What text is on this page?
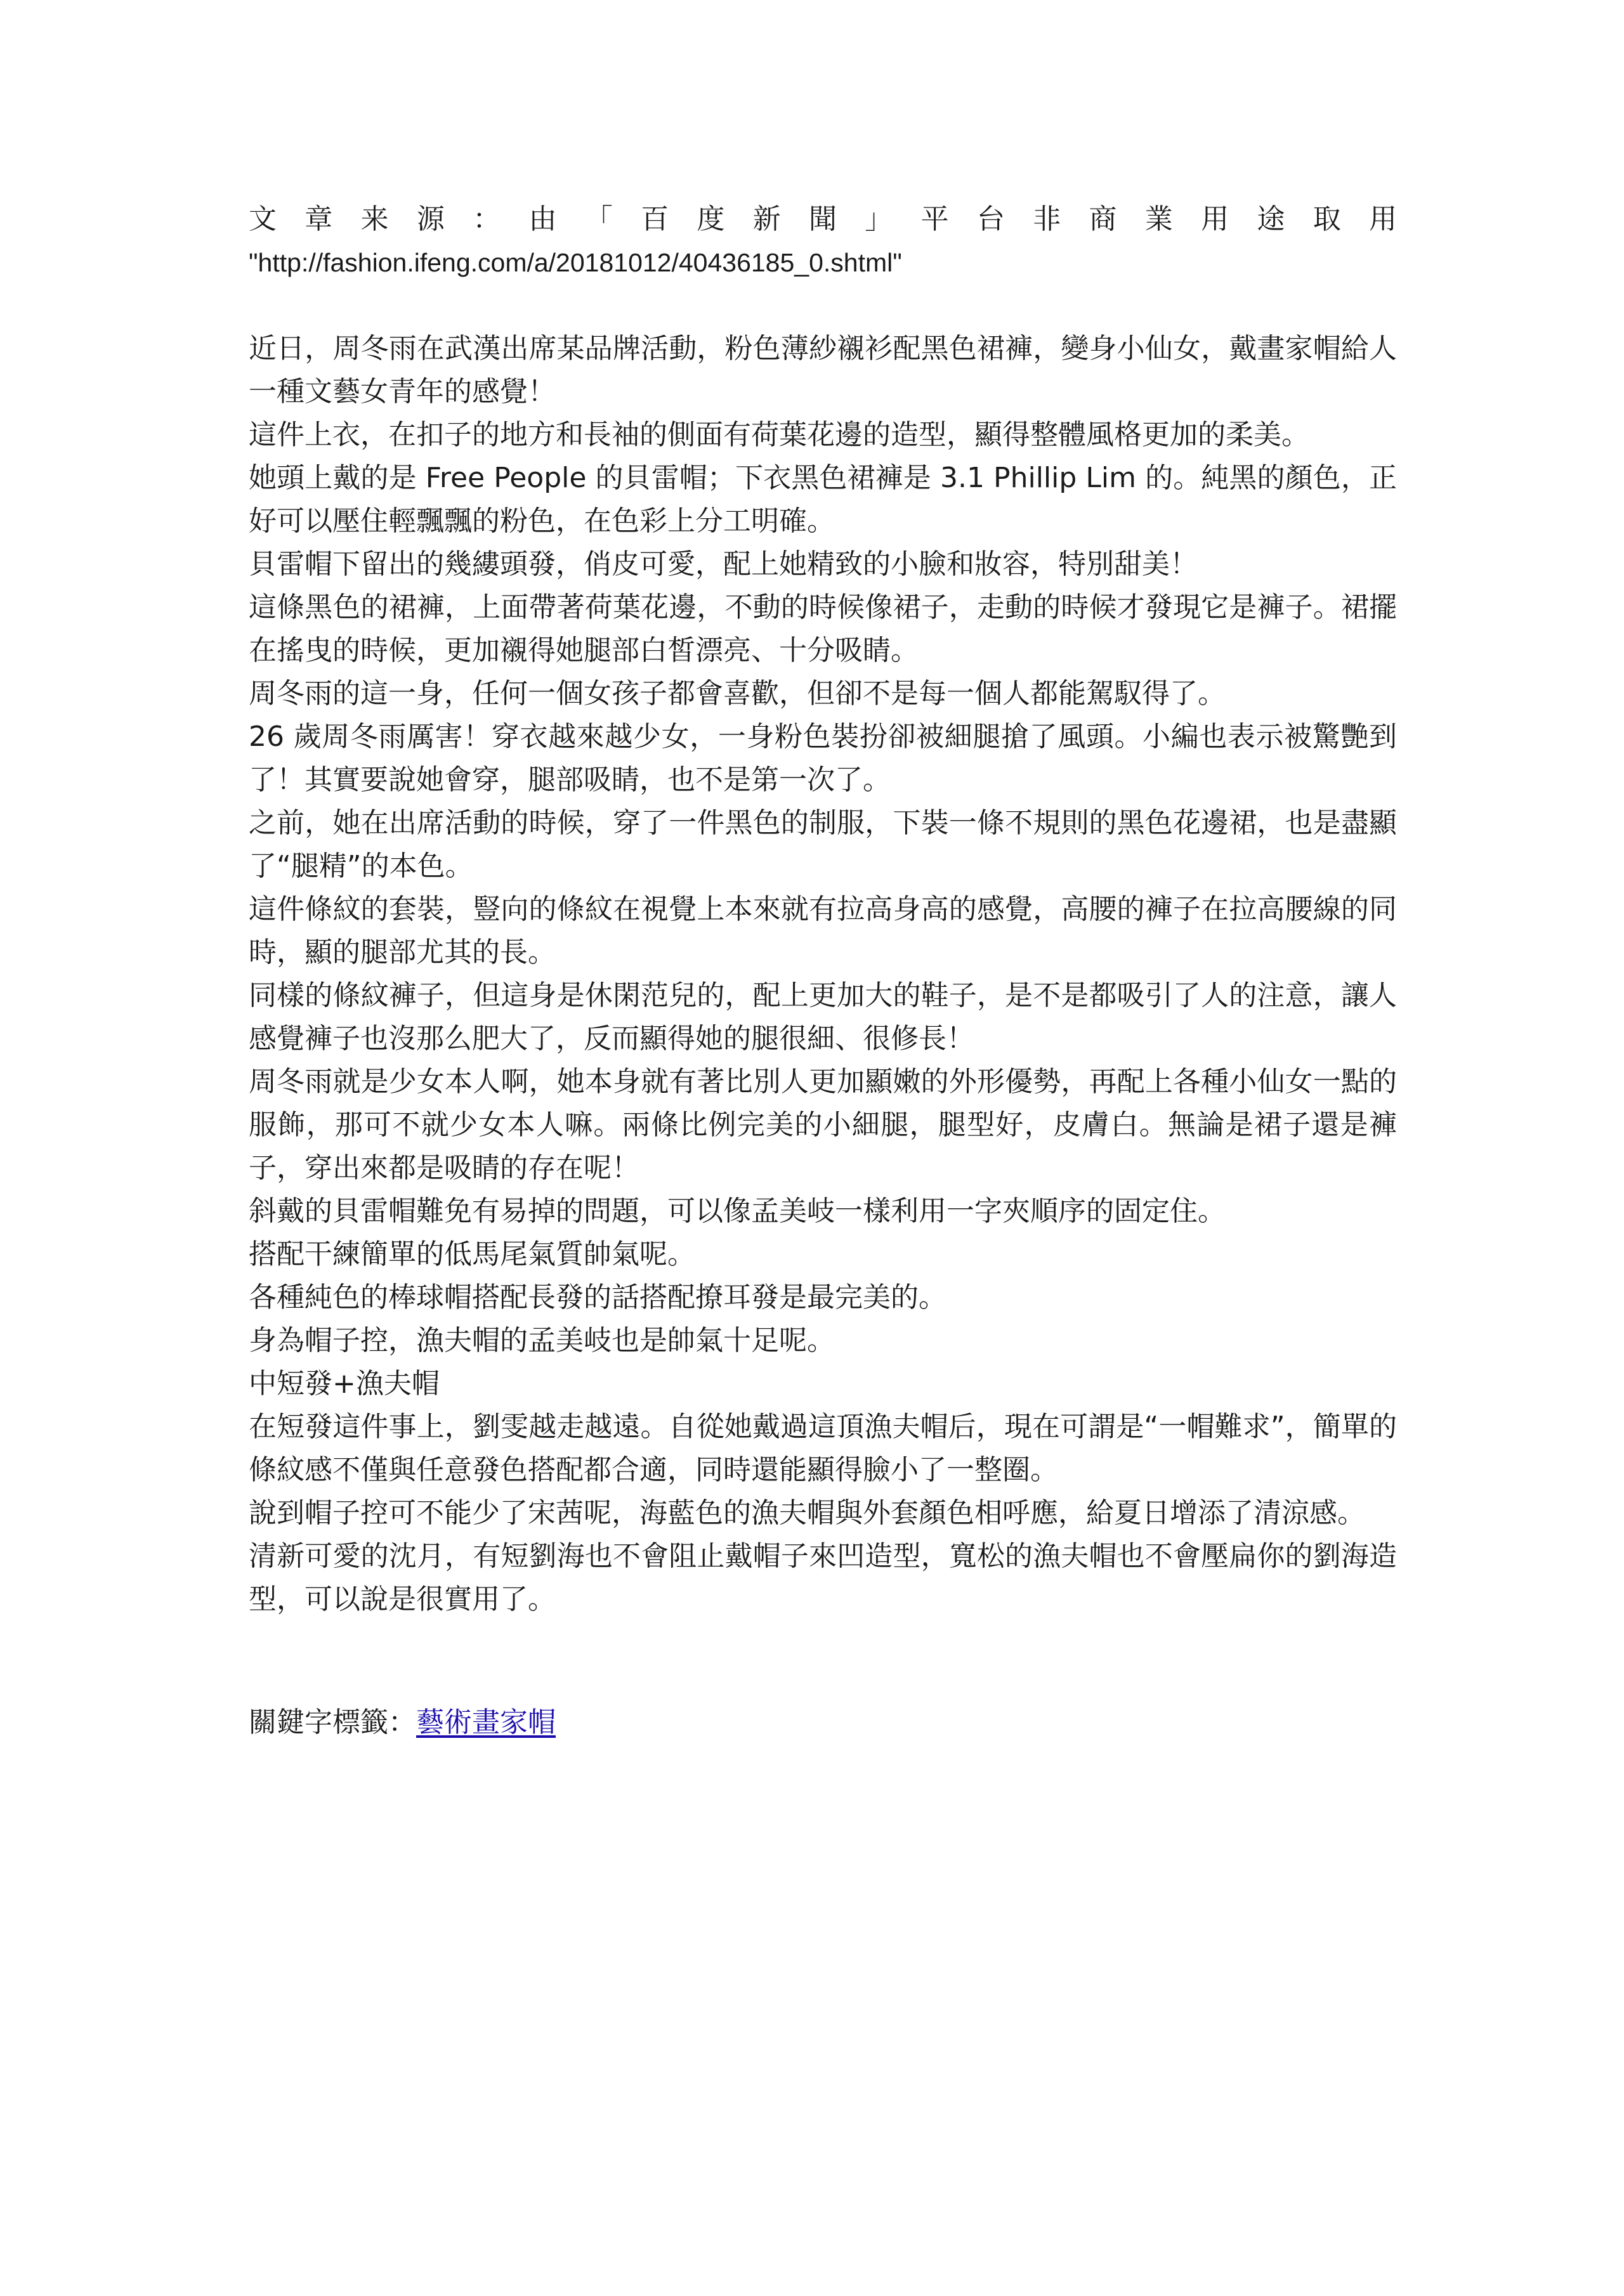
文 章 来 源 ： 由 「 百 度 新 聞 」 平 台 非 商 業 用 途 取 用

"http://fashion.ifeng.com/a/20181012/40436185_0.shtml"

近日，周冬雨在武漢出席某品牌活動，粉色薄紗襯衫配黑色裙褲，變身小仙女，戴畫家帽給人一種文藝女青年的感覺！

這件上衣，在扣子的地方和長袖的側面有荷葉花邊的造型，顯得整體風格更加的柔美。

她頭上戴的是 Free People 的貝雷帽；下衣黑色裙褲是 3.1 Phillip Lim 的。純黑的顏色，正好可以壓住輕飄飄的粉色，在色彩上分工明確。

貝雷帽下留出的幾縷頭發，俏皮可愛，配上她精致的小臉和妝容，特別甜美！

這條黑色的裙褲，上面帶著荷葉花邊，不動的時候像裙子，走動的時候才發現它是褲子。裙擺在搖曳的時候，更加襯得她腿部白皙漂亮、十分吸睛。

周冬雨的這一身，任何一個女孩子都會喜歡，但卻不是每一個人都能駕馭得了。

26 歲周冬雨厲害！穿衣越來越少女，一身粉色裝扮卻被細腿搶了風頭。小編也表示被驚艷到了！其實要說她會穿，腿部吸睛，也不是第一次了。

之前，她在出席活動的時候，穿了一件黑色的制服，下裝一條不規則的黑色花邊裙，也是盡顯了“腿精”的本色。

這件條紋的套裝，豎向的條紋在視覺上本來就有拉高身高的感覺，高腰的褲子在拉高腰線的同時，顯的腿部尤其的長。

同樣的條紋褲子，但這身是休閑范兒的，配上更加大的鞋子，是不是都吸引了人的注意，讓人感覺褲子也沒那么肥大了，反而顯得她的腿很細、很修長！

周冬雨就是少女本人啊，她本身就有著比別人更加顯嫩的外形優勢，再配上各種小仙女一點的服飾，那可不就少女本人嘛。兩條比例完美的小細腿，腿型好，皮膚白。無論是裙子還是褲子，穿出來都是吸睛的存在呢！

斜戴的貝雷帽難免有易掉的問題，可以像孟美岐一樣利用一字夾順序的固定住。

搭配干練簡單的低馬尾氣質帥氣呢。

各種純色的棒球帽搭配長發的話搭配撩耳發是最完美的。

身為帽子控，漁夫帽的孟美岐也是帥氣十足呢。

中短發+漁夫帽

在短發這件事上，劉雯越走越遠。自從她戴過這頂漁夫帽后，現在可謂是“一帽難求”，簡單的條紋感不僅與任意發色搭配都合適，同時還能顯得臉小了一整圈。

說到帽子控可不能少了宋茜呢，海藍色的漁夫帽與外套顏色相呼應，給夏日增添了清涼感。

清新可愛的沈月，有短劉海也不會阻止戴帽子來凹造型，寬松的漁夫帽也不會壓扁你的劉海造型，可以說是很實用了。

關鍵字標籤：藝術畫家帽
